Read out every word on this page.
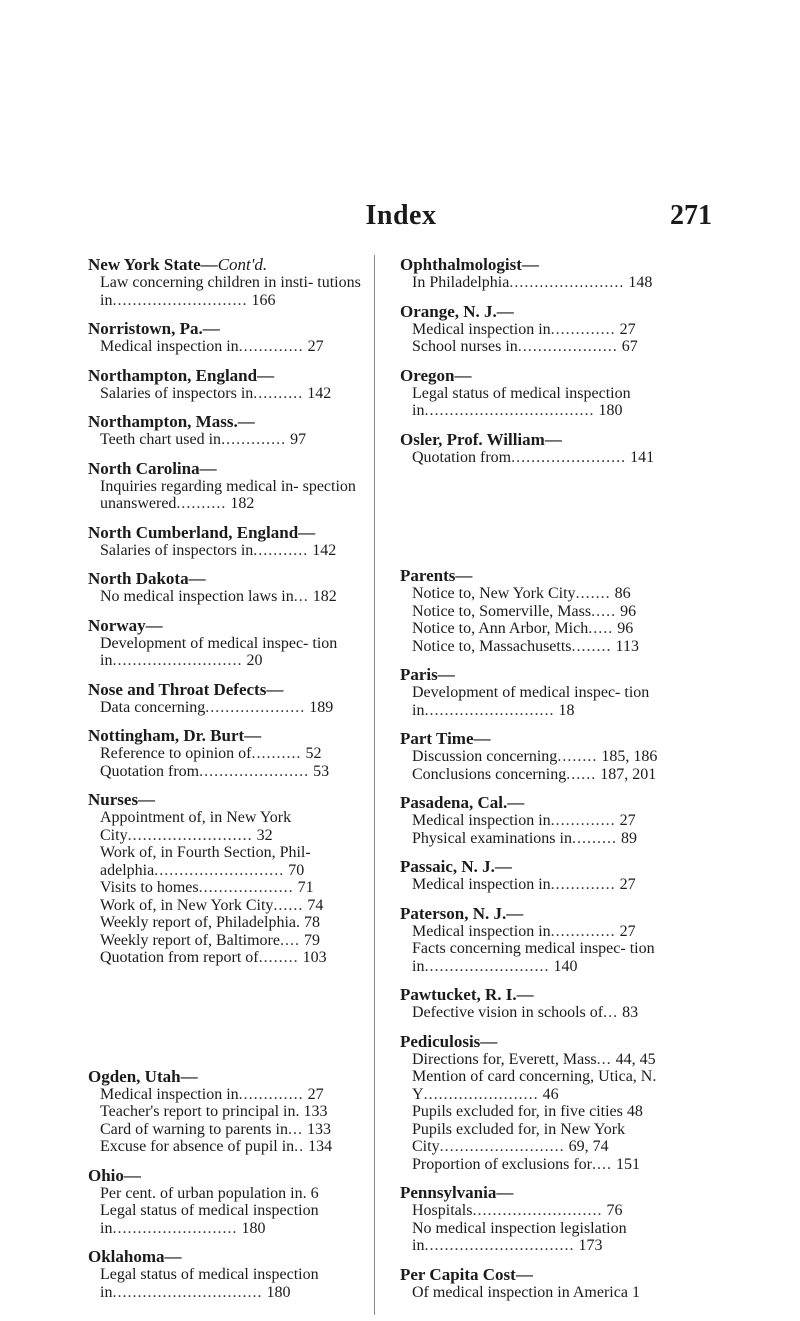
Index	271
New York State—Cont'd.
Law concerning children in insti- tutions in........................... 166
Norristown, Pa.—
Medical inspection in............. 27
Northampton, England—
Salaries of inspectors in.......... 142
Northampton, Mass.—
Teeth chart used in............. 97
North Carolina—
Inquiries regarding medical in- spection unanswered.......... 182
North Cumberland, England—
Salaries of inspectors in........... 142
North Dakota—
No medical inspection laws in... 182
Norway—
Development of medical inspec- tion in.......................... 20
Nose and Throat Defects—
Data concerning.................... 189
Nottingham, Dr. Burt—
Reference to opinion of.......... 52
Quotation from...................... 53
Nurses—
Appointment of, in New York City......................... 32
Work of, in Fourth Section, Phil- adelphia.......................... 70
Visits to homes................... 71
Work of, in New York City...... 74
Weekly report of, Philadelphia. 78
Weekly report of, Baltimore.... 79
Quotation from report of........ 103
Ogden, Utah—
Medical inspection in............. 27
Teacher's report to principal in. 133
Card of warning to parents in... 133
Excuse for absence of pupil in.. 134
Ohio—
Per cent. of urban population in. 6
Legal status of medical inspection in......................... 180
Oklahoma—
Legal status of medical inspection in.............................. 180
Ophthalmologist—
In Philadelphia....................... 148
Orange, N. J.—
Medical inspection in............. 27
School nurses in.................... 67
Oregon—
Legal status of medical inspection in.................................. 180
Osler, Prof. William—
Quotation from....................... 141
Parents—
Notice to, New York City....... 86
Notice to, Somerville, Mass..... 96
Notice to, Ann Arbor, Mich..... 96
Notice to, Massachusetts........ 113
Paris—
Development of medical inspec- tion in.......................... 18
Part Time—
Discussion concerning........ 185, 186
Conclusions concerning...... 187, 201
Pasadena, Cal.—
Medical inspection in............. 27
Physical examinations in......... 89
Passaic, N. J.—
Medical inspection in............. 27
Paterson, N. J.—
Medical inspection in............. 27
Facts concerning medical inspec- tion in......................... 140
Pawtucket, R. I.—
Defective vision in schools of... 83
Pediculosis—
Directions for, Everett, Mass... 44, 45
Mention of card concerning, Utica, N. Y....................... 46
Pupils excluded for, in five cities 48
Pupils excluded for, in New York City......................... 69, 74
Proportion of exclusions for.... 151
Pennsylvania—
Hospitals.......................... 76
No medical inspection legislation in.............................. 173
Per Capita Cost—
Of medical inspection in America 1
